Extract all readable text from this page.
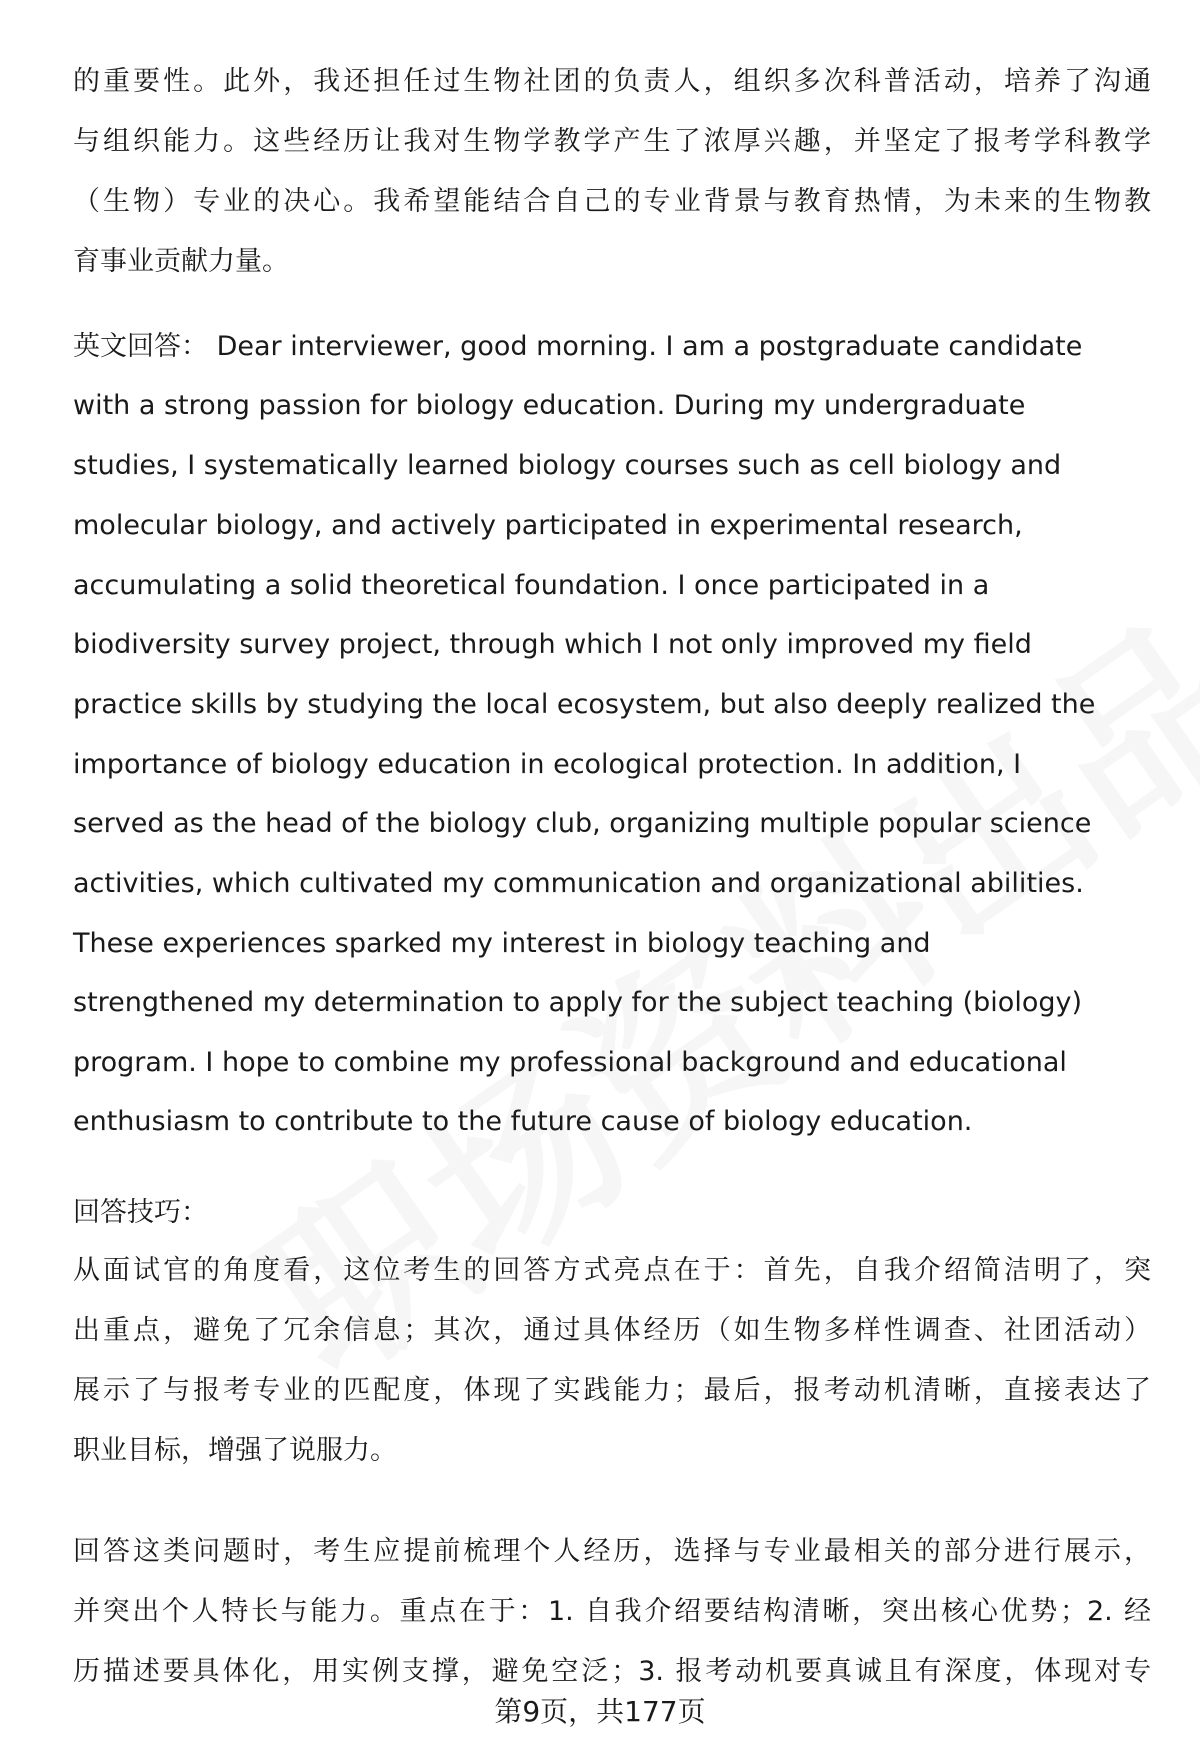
的重要性。此外，我还担任过生物社团的负责人，组织多次科普活动，培养了沟通
与组织能力。这些经历让我对生物学教学产生了浓厚兴趣，并坚定了报考学科教学
（生物）专业的决心。我希望能结合自己的专业背景与教育热情，为未来的生物教
育事业贡献力量。
英文回答： Dear interviewer, good morning. I am a postgraduate candidate
with a strong passion for biology education. During my undergraduate
studies, I systematically learned biology courses such as cell biology and
molecular biology, and actively participated in experimental research,
accumulating a solid theoretical foundation. I once participated in a
biodiversity survey project, through which I not only improved my field
practice skills by studying the local ecosystem, but also deeply realized the
importance of biology education in ecological protection. In addition, I
served as the head of the biology club, organizing multiple popular science
activities, which cultivated my communication and organizational abilities.
These experiences sparked my interest in biology teaching and
strengthened my determination to apply for the subject teaching (biology)
program. I hope to combine my professional background and educational
enthusiasm to contribute to the future cause of biology education.
回答技巧：
从面试官的角度看，这位考生的回答方式亮点在于：首先，自我介绍简洁明了，突
出重点，避免了冗余信息；其次，通过具体经历（如生物多样性调查、社团活动）
展示了与报考专业的匹配度，体现了实践能力；最后，报考动机清晰，直接表达了
职业目标，增强了说服力。
回答这类问题时，考生应提前梳理个人经历，选择与专业最相关的部分进行展示，
并突出个人特长与能力。重点在于：1. 自我介绍要结构清晰，突出核心优势；2. 经
历描述要具体化，用实例支撑，避免空泛；3. 报考动机要真诚且有深度，体现对专
第9页，共177页
